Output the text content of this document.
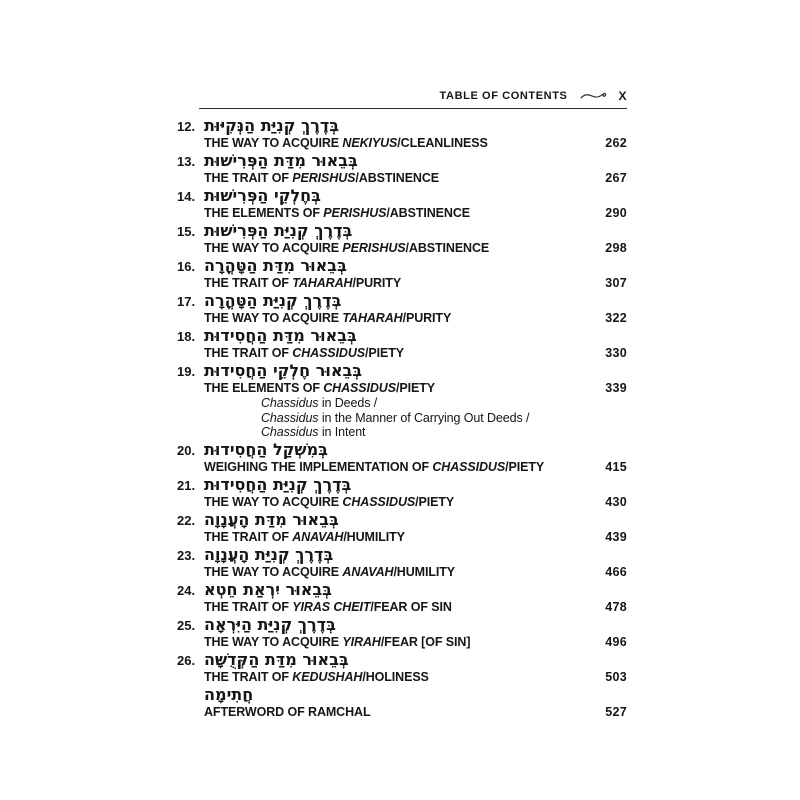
TABLE OF CONTENTS	X
12. בְּדֶרֶךְ קְנִיַּת הַנְּקִיּוּת
THE WAY TO ACQUIRE NEKIYUS/CLEANLINESS	262
13. בְּבֵאוּר מִדַּת הַפְּרִישׁוּת
THE TRAIT OF PERISHUS/ABSTINENCE	267
14. בְּחֶלְקֵי הַפְּרִישׁוּת
THE ELEMENTS OF PERISHUS/ABSTINENCE	290
15. בְּדֶרֶךְ קְנִיַּת הַפְּרִישׁוּת
THE WAY TO ACQUIRE PERISHUS/ABSTINENCE	298
16. בְּבֵאוּר מִדַּת הַטָּהֳרָה
THE TRAIT OF TAHARAH/PURITY	307
17. בְּדֶרֶךְ קְנִיַּת הַטָּהֳרָה
THE WAY TO ACQUIRE TAHARAH/PURITY	322
18. בְּבֵאוּר מִדַּת הַחֲסִידוּת
THE TRAIT OF CHASSIDUS/PIETY	330
19. בְּבֵאוּר חֶלְקֵי הַחֲסִידוּת
THE ELEMENTS OF CHASSIDUS/PIETY	339
Chassidus in Deeds /
Chassidus in the Manner of Carrying Out Deeds /
Chassidus in Intent
20. בְּמִשְׁקַל הַחֲסִידוּת
WEIGHING THE IMPLEMENTATION OF CHASSIDUS/PIETY	415
21. בְּדֶרֶךְ קְנִיַּת הַחֲסִידוּת
THE WAY TO ACQUIRE CHASSIDUS/PIETY	430
22. בְּבֵאוּר מִדַּת הָעֲנָוָה
THE TRAIT OF ANAVAH/HUMILITY	439
23. בְּדֶרֶךְ קְנִיַּת הָעֲנָוָה
THE WAY TO ACQUIRE ANAVAH/HUMILITY	466
24. בְּבֵאוּר יִרְאַת חֵטְא
THE TRAIT OF YIRAS CHEIT/FEAR OF SIN	478
25. בְּדֶרֶךְ קְנִיַּת הַיִּרְאָה
THE WAY TO ACQUIRE YIRAH/FEAR [OF SIN]	496
26. בְּבֵאוּר מִדַּת הַקְּדֻשָּׁה
THE TRAIT OF KEDUSHAH/HOLINESS	503
חֲתִימָה
AFTERWORD OF RAMCHAL	527
